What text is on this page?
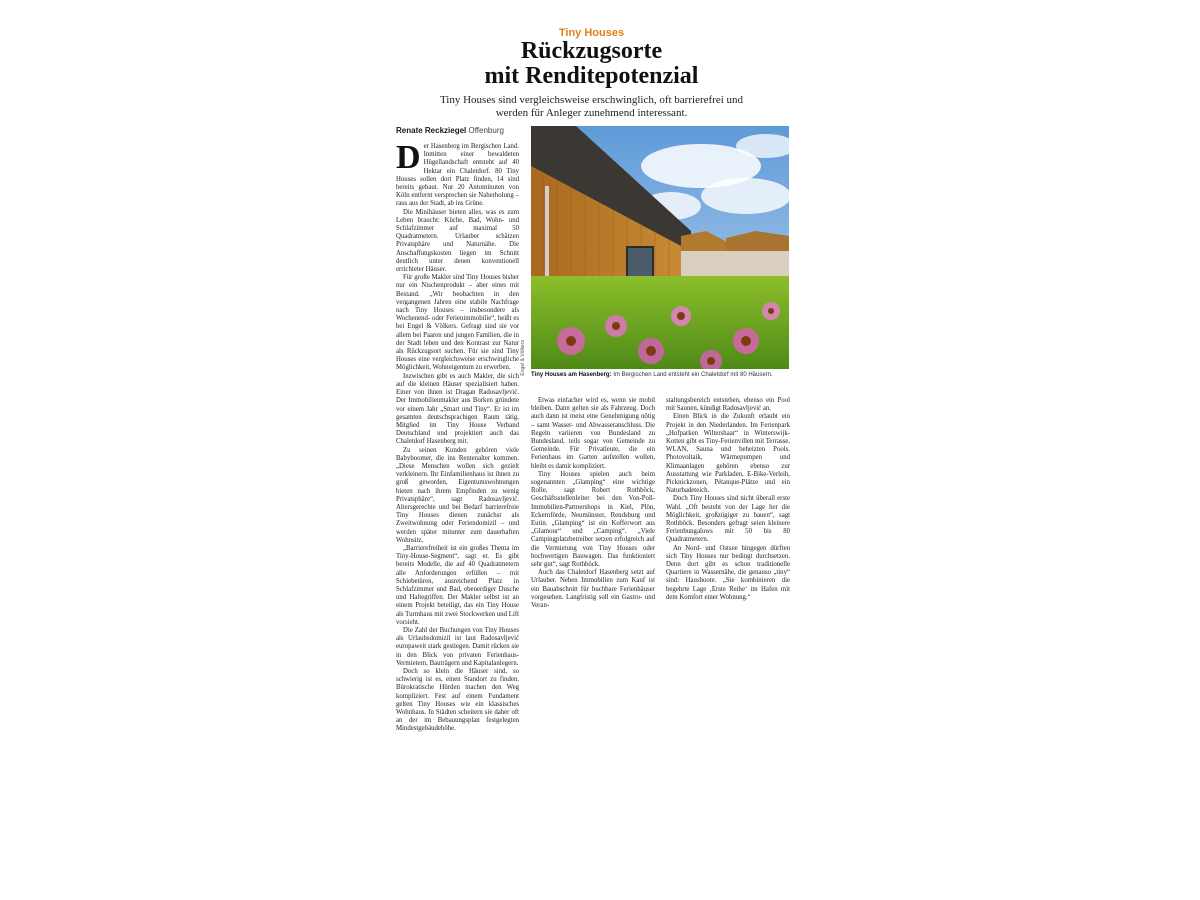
Tiny Houses
Rückzugsorte
mit Renditepotenzial
Tiny Houses sind vergleichsweise erschwinglich, oft barrierefrei und
werden für Anleger zunehmend interessant.
Renate Reckziegel Offenburg

Der Hasenberg im Bergischen Land. Inmitten einer bewaldeten Hügellandschaft entsteht auf 40 Hektar ein Chaletdorf. 80 Tiny Houses sollen dort Platz finden, 14 sind bereits gebaut. Nur 20 Autominuten von Köln entfernt versprechen sie Naherholung – raus aus der Stadt, ab ins Grüne.

Die Minihäuser bieten alles, was es zum Leben braucht: Küche, Bad, Wohn- und Schlafzimmer auf maximal 50 Quadratmetern. Urlauber schätzen Privatsphäre und Naturnähe. Die Anschaffungskosten liegen im Schnitt deutlich unter denen konventionell errichteter Häuser.

Für große Makler sind Tiny Houses bisher nur ein Nischenprodukt – aber eines mit Bestand. „Wir beobachten in den vergangenen Jahren eine stabile Nachfrage nach Tiny Houses – insbesondere als Wochenend- oder Ferienimmobilie“, heißt es bei Engel & Völkers. Gefragt sind sie vor allem bei Paaren und jungen Familien, die in der Stadt leben und den Kontrast zur Natur als Rückzugsort suchen. Für sie sind Tiny Houses eine vergleichsweise erschwingliche Möglichkeit, Wohneigentum zu erwerben.

Inzwischen gibt es auch Makler, die sich auf die kleinen Häuser spezialisiert haben. Einer von ihnen ist Dragan Radosavljević. Der Immobilienmakler aus Borken gründete vor einem Jahr „Smart und Tiny“. Er ist im gesamten deutschsprachigen Raum tätig, Mitglied im Tiny House Verband Deutschland und projektiert auch das Chaletdorf Hasenberg mit.

Zu seinen Kunden gehören viele Babyboomer, die ins Rentenalter kommen. „Diese Menschen wollen sich gezielt verkleinern. Ihr Einfamilienhaus ist ihnen zu groß geworden, Eigentumswohnungen bieten nach ihrem Empfinden zu wenig Privatsphäre“, sagt Radosavljević. Altersgerechte und bei Bedarf barrierefreie Tiny Houses dienen zunächst als Zweitwohnung oder Feriendomizil – und werden später mitunter zum dauerhaften Wohnsitz.

„Barrierefreiheit ist ein großes Thema im Tiny-House-Segment“, sagt er. Es gibt bereits Modelle, die auf 40 Quadratmetern alle Anforderungen erfüllen – mit Schiebetüren, ausreichend Platz in Schlafzimmer und Bad, ebenerdiger Dusche und Haltegriffen. Der Makler selbst ist an einem Projekt beteiligt, das ein Tiny House als Turmhaus mit zwei Stockwerken und Lift vorsieht.

Die Zahl der Buchungen von Tiny Houses als Urlaubsdomizil ist laut Radosavljević europaweit stark gestiegen. Damit rücken sie in den Blick von privaten Ferienhaus-Vermietern, Bauträgern und Kapitalanlegern.

Doch so klein die Häuser sind, so schwierig ist es, einen Standort zu finden. Bürokratische Hürden machen den Weg kompliziert. Fest auf einem Fundament gelten Tiny Houses wie ein klassisches Wohnhaus. In Städten scheitern sie daher oft an der im Bebauungsplan festgelegten Mindestgebäudehöhe.

Engel & Völkers Tiny Houses am Hasenberg: Im Bergischen Land entsteht ein Chaletdorf mit 80 Häusern.

Etwas einfacher wird es, wenn sie mobil bleiben. Dann gelten sie als Fahrzeug. Doch auch dann ist meist eine Genehmigung nötig – samt Wasser- und Abwasseranschluss. Die Regeln variieren von Bundesland zu Bundesland, teils sogar von Gemeinde zu Gemeinde. Für Privatleute, die ein Ferienhaus im Garten aufstellen wollen, bleibt es damit kompliziert.

Tiny Houses spielen auch beim sogenannten „Glamping“ eine wichtige Rolle, sagt Robert Rothböck, Geschäftsstellenleiter bei den Von-Poll-Immobilien-Partnershops in Kiel, Plön, Eckernförde, Neumünster, Rendsburg und Eutin. „Glamping“ ist ein Kofferwort aus „Glamour“ und „Camping“. „Viele Campingplatzbetreiber setzen erfolgreich auf die Vermietung von Tiny Houses oder hochwertigen Bauwagen. Das funktioniert sehr gut“, sagt Rothböck.

Auch das Chaletdorf Hasenberg setzt auf Urlauber. Neben Immobilien zum Kauf ist ein Bauabschnitt für buchbare Ferienhäuser vorgesehen. Langfristig soll ein Gastro- und Veran-

staltungsbereich entstehen, ebenso ein Pool mit Saunen, kündigt Radosavljević an.

Einen Blick in die Zukunft erlaubt ein Projekt in den Niederlanden. Im Ferienpark „Hofparken Wiltershaar“ in Winterswijk-Kotten gibt es Tiny-Ferienvillen mit Terrasse, WLAN, Sauna und beheizten Pools. Photovoltaik, Wärmepumpen und Klimaanlagen gehören ebenso zur Ausstattung wie Parkladen, E-Bike-Verleih, Picknickzonen, Pétanque-Plätze und ein Naturbadeteich.

Doch Tiny Houses sind nicht überall erste Wahl. „Oft besteht von der Lage her die Möglichkeit, großzügiger zu bauen“, sagt Rothböck. Besonders gefragt seien kleinere Ferienbungalows mit 50 bis 80 Quadratmetern.

An Nord- und Ostsee hingegen dürften sich Tiny Houses nur bedingt durchsetzen. Denn dort gibt es schon traditionelle Quartiere in Wassernähe, die genauso „tiny“ sind: Hausboote. „Sie kombinieren die begehrte Lage ‚Erste Reihe‘ im Hafen mit dem Komfort einer Wohnung.“
